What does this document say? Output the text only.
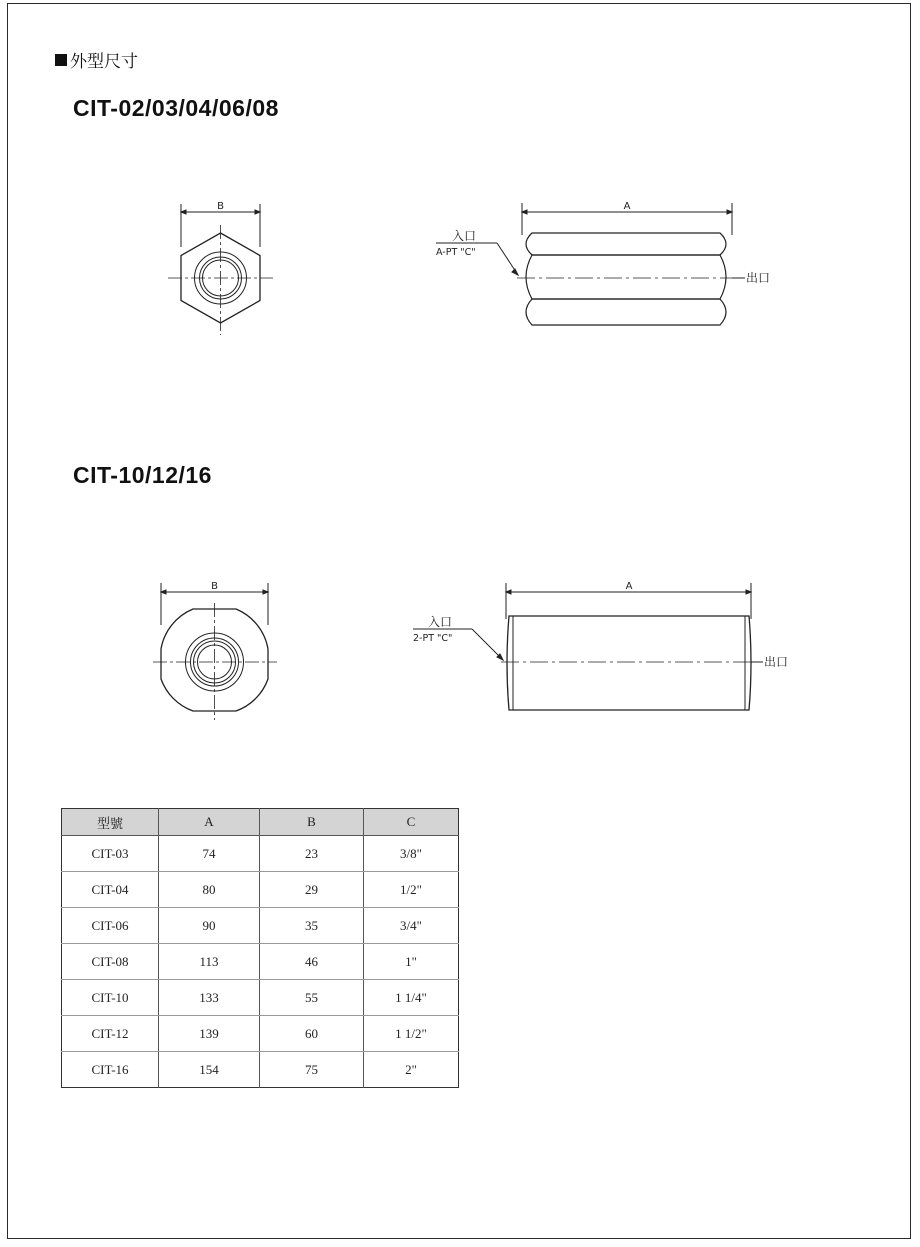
外型尺寸
CIT-02/03/04/06/08
B	A
入口
A-PT "C"
出口
CIT-10/12/16
B	A
入口
2-PT "C"
出口
型號	A	B	C
CIT-03	74	23	3/8"
CIT-04	80	29	1/2"
CIT-06	90	35	3/4"
CIT-08	113	46	1"
CIT-10	133	55	1 1/4"
CIT-12	139	60	1 1/2"
CIT-16	154	75	2"
